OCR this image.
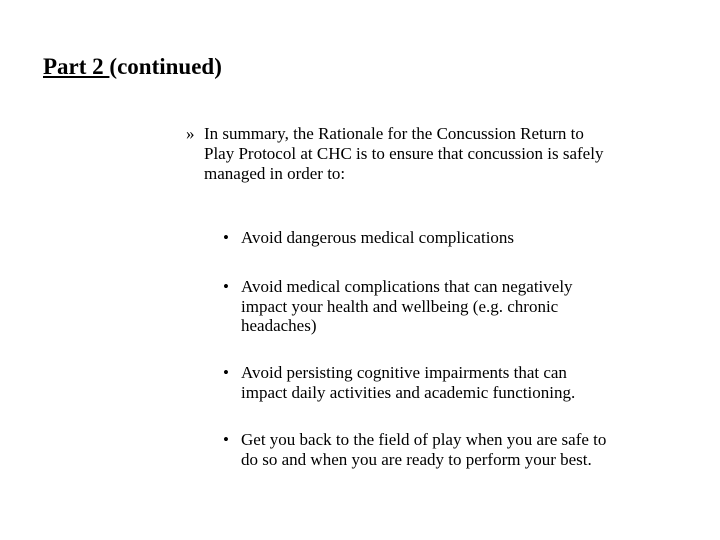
Part 2 (continued)
» In summary, the Rationale for the Concussion Return to
Play Protocol at CHC is to ensure that concussion is safely
managed in order to:
• Avoid dangerous medical complications
• Avoid medical complications that can negatively
impact your health and wellbeing (e.g. chronic
headaches)
• Avoid persisting cognitive impairments that can
impact daily activities and academic functioning.
• Get you back to the field of play when you are safe to
do so and when you are ready to perform your best.
